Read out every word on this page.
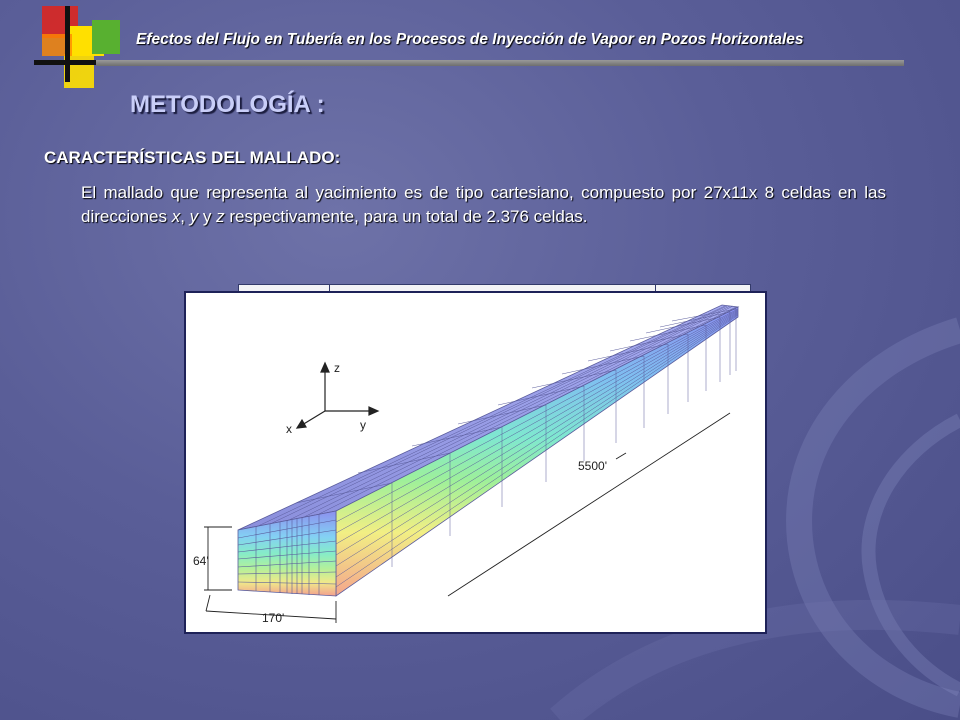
Efectos del Flujo en Tubería en los Procesos de Inyección de Vapor en Pozos Horizontales
METODOLOGÍA :
CARACTERÍSTICAS DEL MALLADO:
El mallado que representa al yacimiento es de tipo cartesiano, compuesto por 27x11x 8 celdas en las direcciones x, y y z respectivamente, para un total de 2.376 celdas.
z
y
x
5500'
64'
170'
